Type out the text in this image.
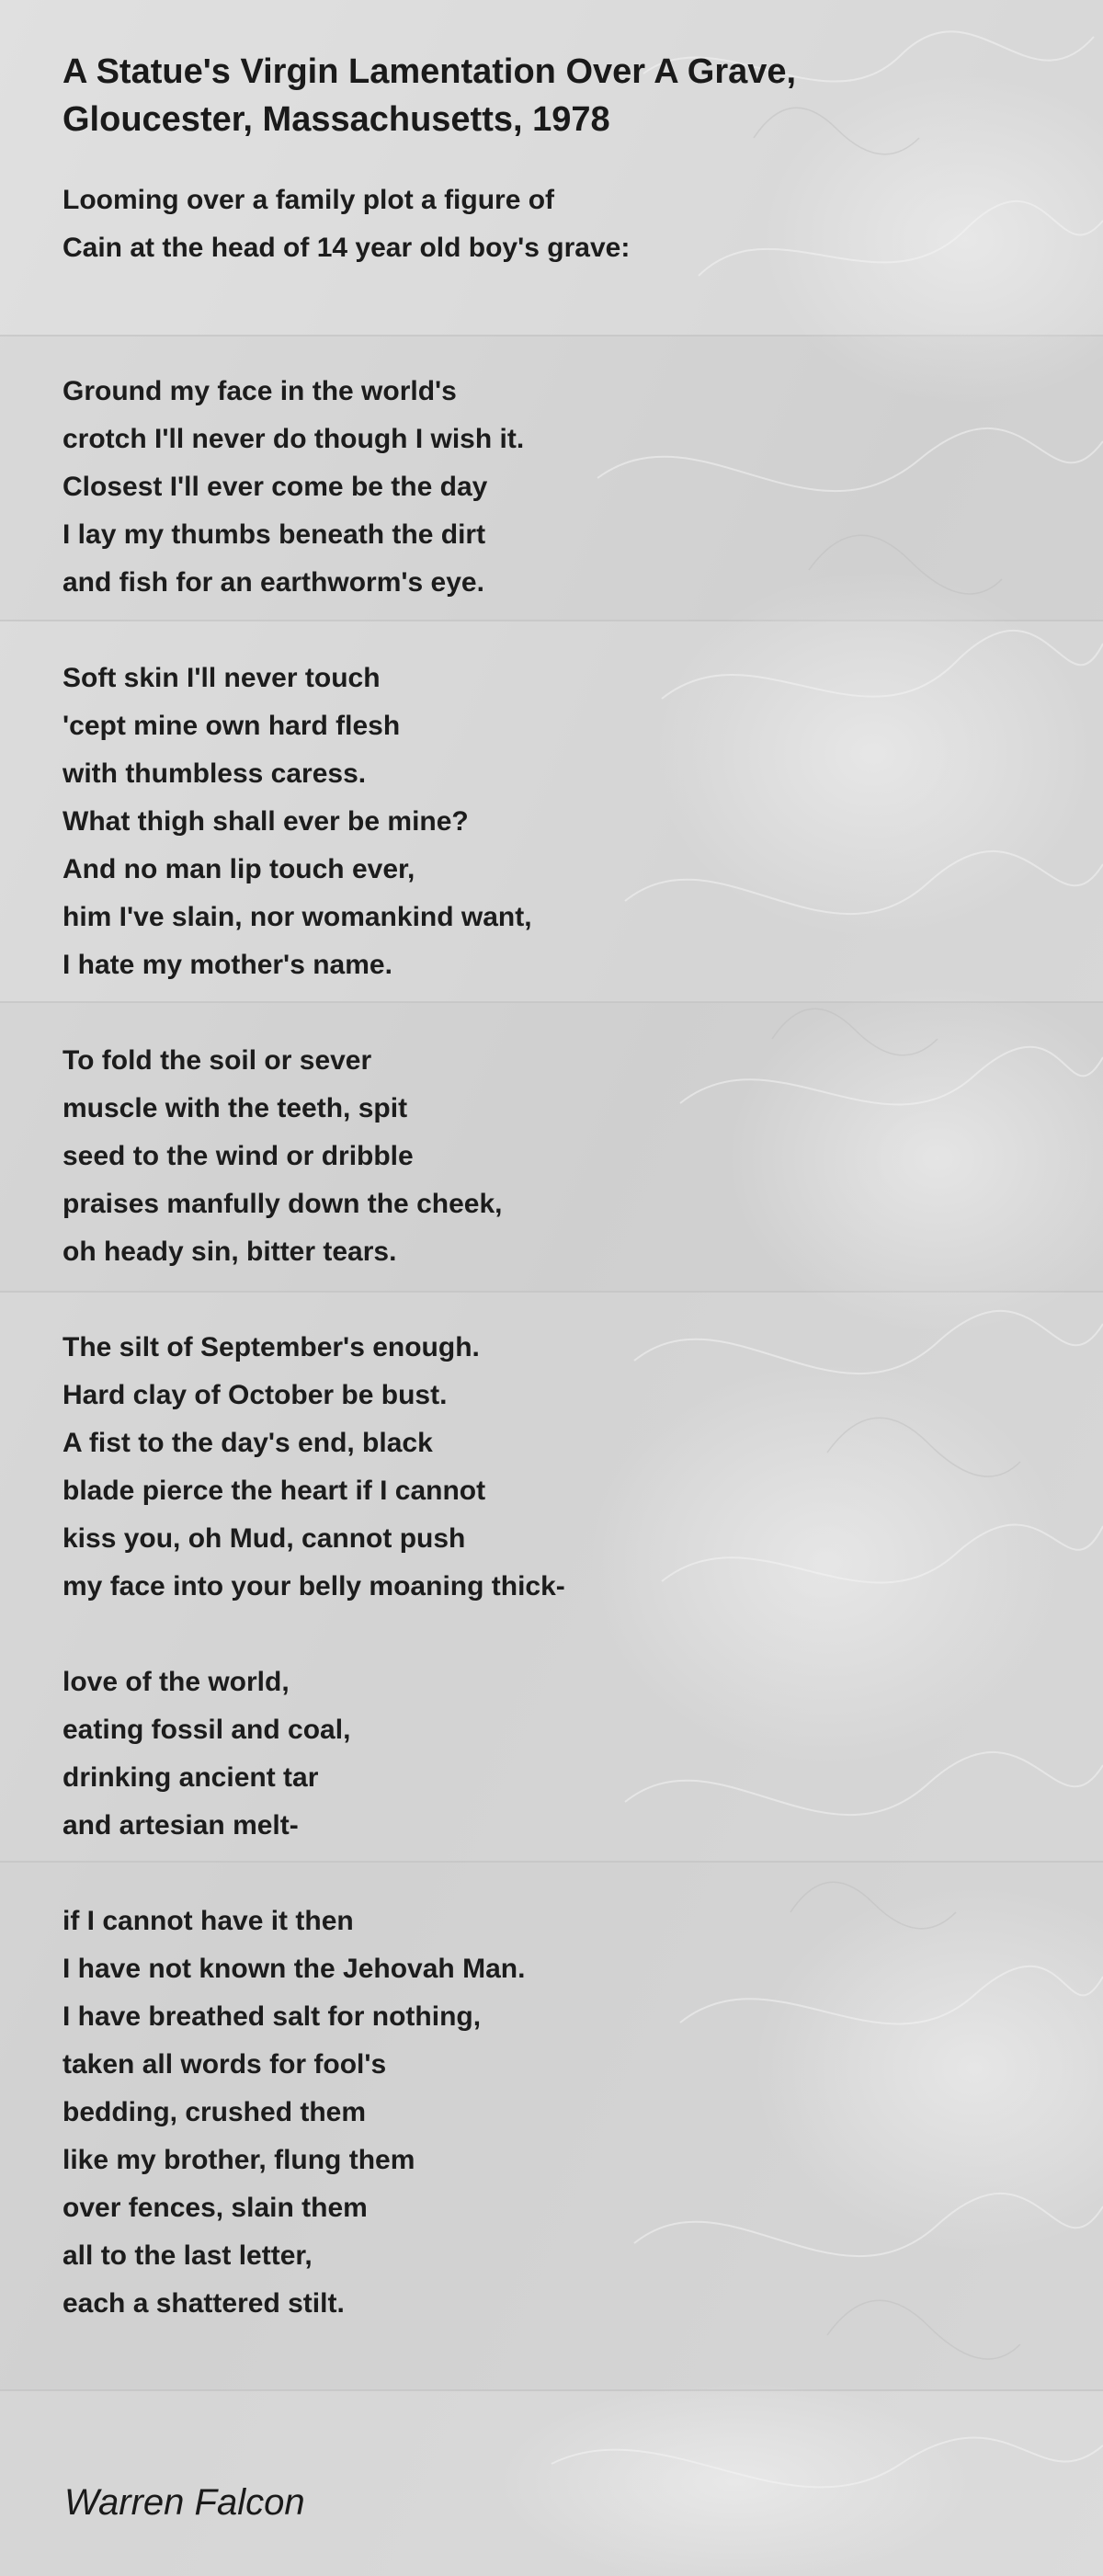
A Statue's Virgin Lamentation Over A Grave,
Gloucester, Massachusetts, 1978

Looming over a family plot a figure of
Cain at the head of 14 year old boy's grave:

Ground my face in the world's
crotch I'll never do though I wish it.
Closest I'll ever come be the day
I lay my thumbs beneath the dirt
and fish for an earthworm's eye.

Soft skin I'll never touch
'cept mine own hard flesh
with thumbless caress.
What thigh shall ever be mine?
And no man lip touch ever,
him I've slain, nor womankind want,
I hate my mother's name.

To fold the soil or sever
muscle with the teeth, spit
seed to the wind or dribble
praises manfully down the cheek,
oh heady sin, bitter tears.

The silt of September's enough.
Hard clay of October be bust.
A fist to the day's end, black
blade pierce the heart if I cannot
kiss you, oh Mud, cannot push
my face into your belly moaning thick-

love of the world,
eating fossil and coal,
drinking ancient tar
and artesian melt-

if I cannot have it then
I have not known the Jehovah Man.
I have breathed salt for nothing,
taken all words for fool's
bedding, crushed them
like my brother, flung them
over fences, slain them
all to the last letter,
each a shattered stilt.

Warren Falcon
